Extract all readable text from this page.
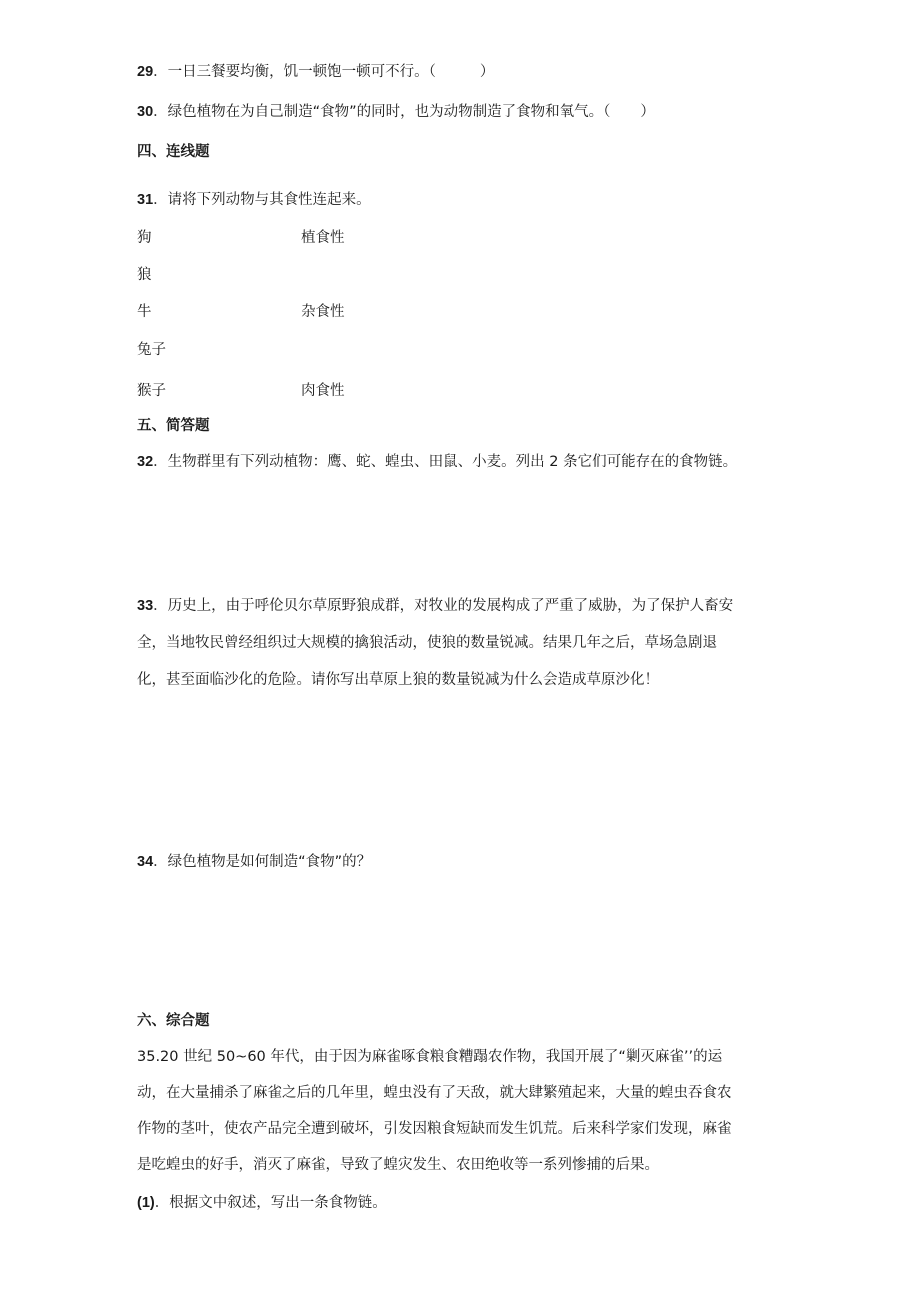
29．一日三餐要均衡，饥一顿饱一顿可不行。（	）
30．绿色植物在为自己制造“食物”的同时，也为动物制造了食物和氧气。（ ）
四、连线题
31．请将下列动物与其食性连起来。
狗	植食性
狼
牛	杂食性
兔子
猴子	肉食性
五、简答题
32．生物群里有下列动植物：鹰、蛇、蝗虫、田鼠、小麦。列出 2 条它们可能存在的食物链。
33．历史上，由于呼伦贝尔草原野狼成群，对牧业的发展构成了严重了威胁，为了保护人畜安
全，当地牧民曾经组织过大规模的擒狼活动，使狼的数量锐减。结果几年之后，草场急剧退
化，甚至面临沙化的危险。请你写出草原上狼的数量锐减为什么会造成草原沙化！
34．绿色植物是如何制造“食物”的？
六、综合题
35.20 世纪 50~60 年代，由于因为麻雀啄食粮食糟蹋农作物，我国开展了“剿灭麻雀’’的运
动，在大量捕杀了麻雀之后的几年里，蝗虫没有了天敌，就大肆繁殖起来，大量的蝗虫吞食农
作物的茎叶，使农产品完全遭到破坏，引发因粮食短缺而发生饥荒。后来科学家们发现，麻雀
是吃蝗虫的好手，消灭了麻雀，导致了蝗灾发生、农田绝收等一系列惨捕的后果。
(1)．根据文中叙述，写出一条食物链。
